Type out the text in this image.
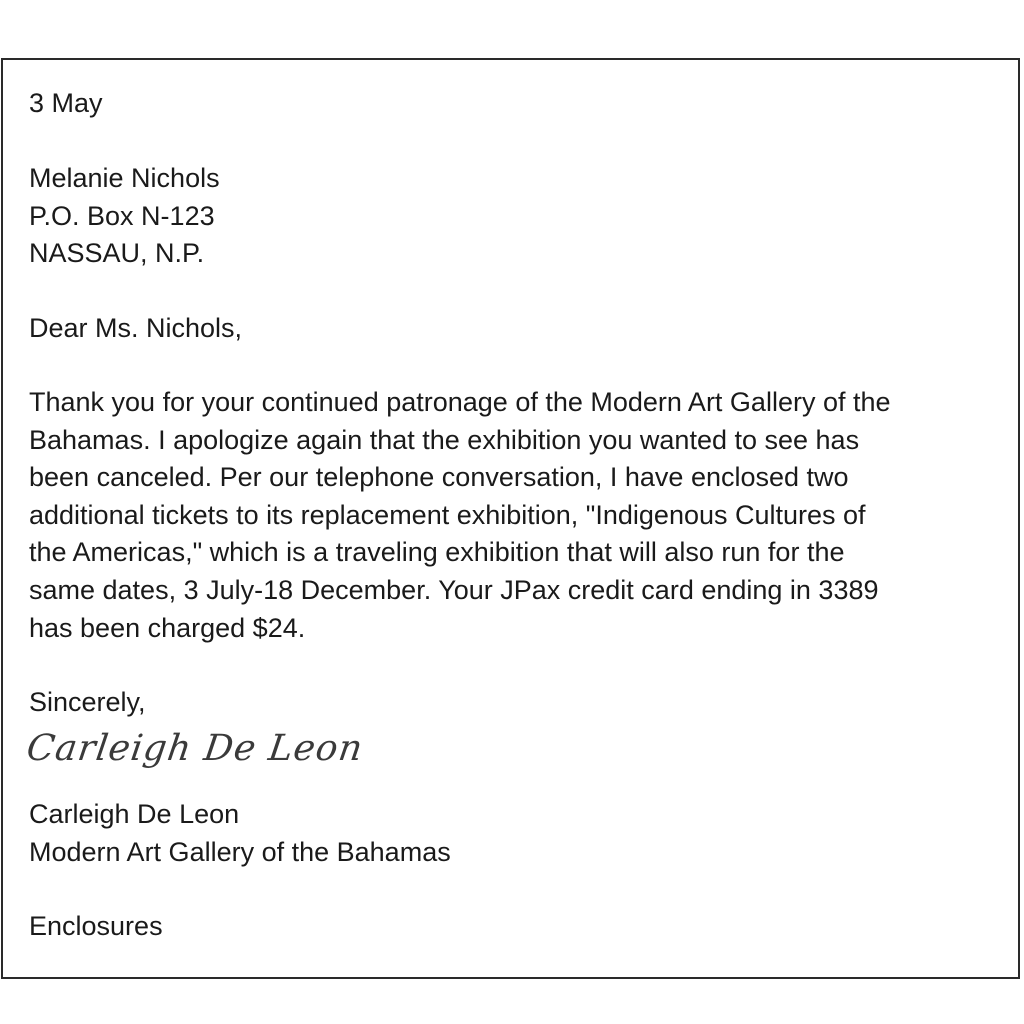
3 May
Melanie Nichols
P.O. Box N-123
NASSAU, N.P.
Dear Ms. Nichols,
Thank you for your continued patronage of the Modern Art Gallery of the
Bahamas. I apologize again that the exhibition you wanted to see has
been canceled. Per our telephone conversation, I have enclosed two
additional tickets to its replacement exhibition, "Indigenous Cultures of
the Americas," which is a traveling exhibition that will also run for the
same dates, 3 July-18 December. Your JPax credit card ending in 3389
has been charged $24.
Sincerely,
Carleigh De Leon
Carleigh De Leon
Modern Art Gallery of the Bahamas
Enclosures
